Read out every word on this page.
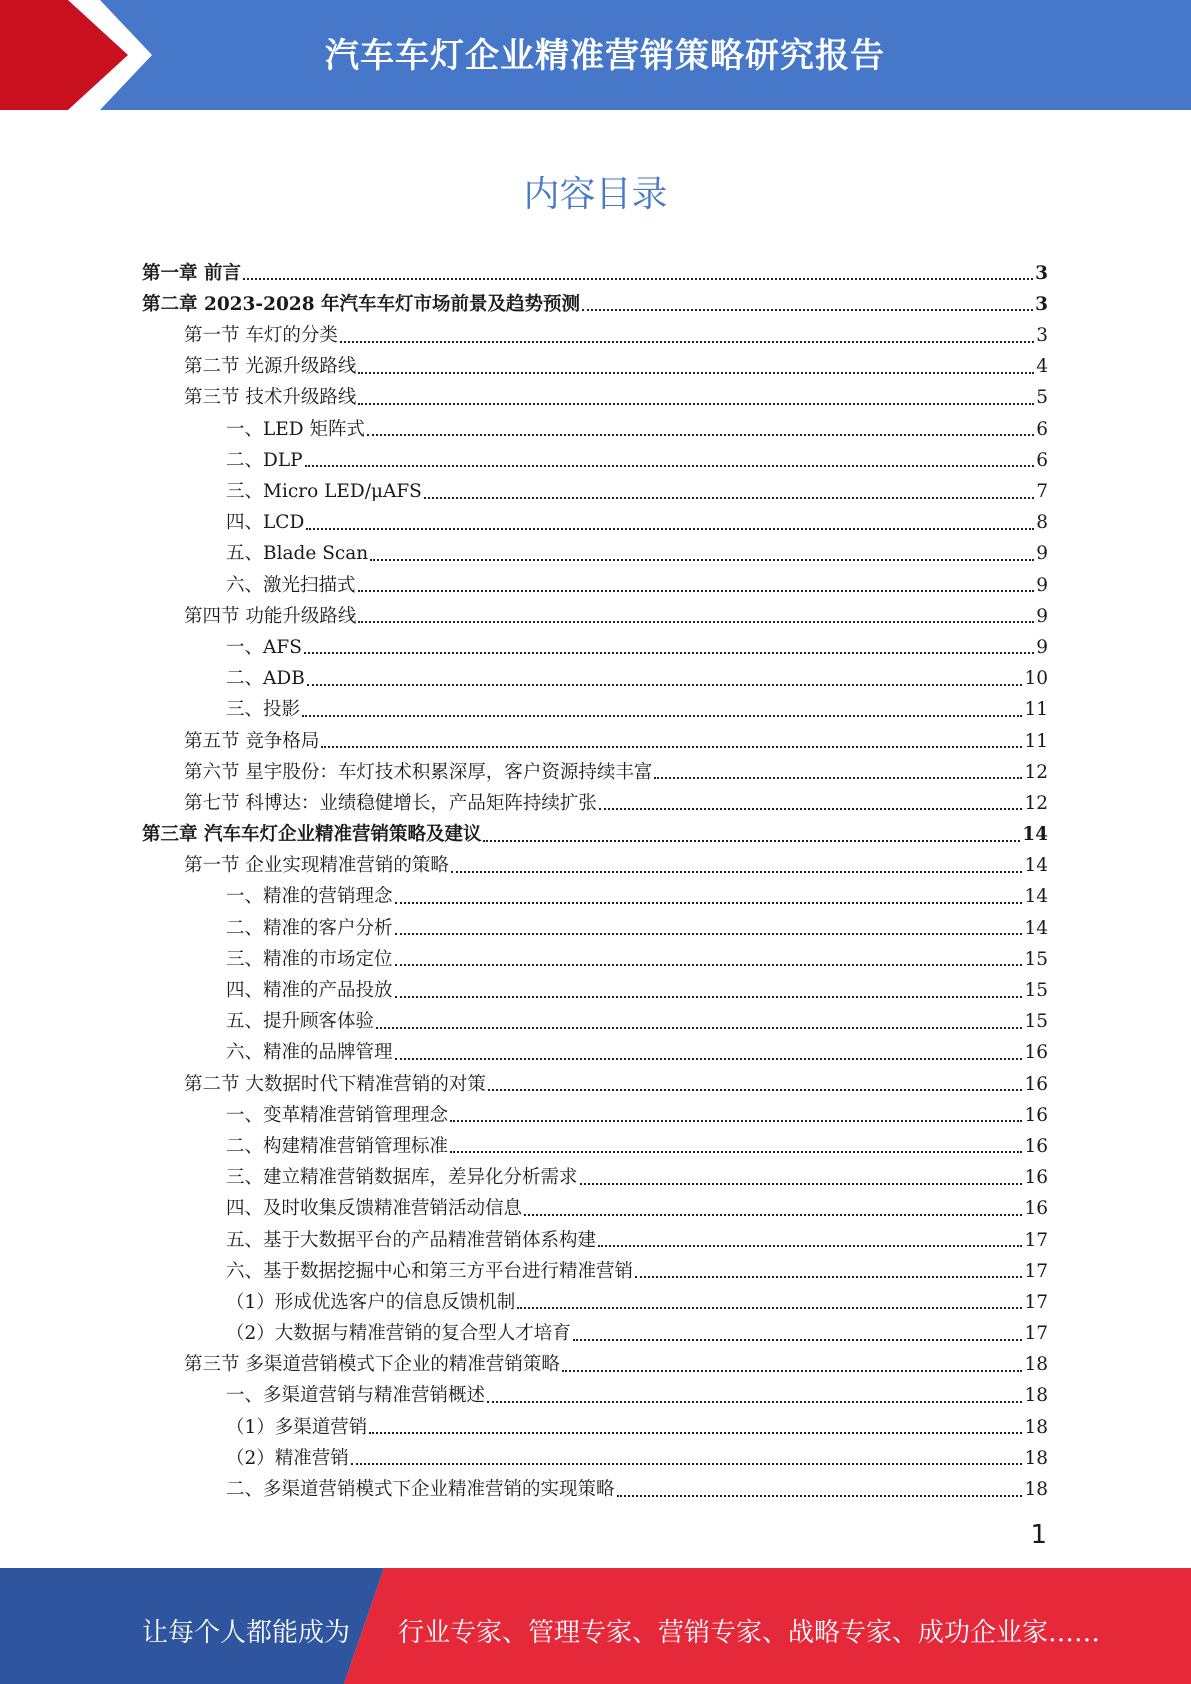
汽车车灯企业精准营销策略研究报告
内容目录
第一章 前言	3
第二章 2023-2028 年汽车车灯市场前景及趋势预测	3
第一节 车灯的分类	3
第二节 光源升级路线	4
第三节 技术升级路线	5
一、LED 矩阵式	6
二、DLP	6
三、Micro LED/μAFS	7
四、LCD	8
五、Blade Scan	9
六、激光扫描式	9
第四节 功能升级路线	9
一、AFS	9
二、ADB	10
三、投影	11
第五节 竞争格局	11
第六节 星宇股份：车灯技术积累深厚，客户资源持续丰富	12
第七节 科博达：业绩稳健增长，产品矩阵持续扩张	12
第三章 汽车车灯企业精准营销策略及建议	14
第一节 企业实现精准营销的策略	14
一、精准的营销理念	14
二、精准的客户分析	14
三、精准的市场定位	15
四、精准的产品投放	15
五、提升顾客体验	15
六、精准的品牌管理	16
第二节 大数据时代下精准营销的对策	16
一、变革精准营销管理理念	16
二、构建精准营销管理标准	16
三、建立精准营销数据库，差异化分析需求	16
四、及时收集反馈精准营销活动信息	16
五、基于大数据平台的产品精准营销体系构建	17
六、基于数据挖掘中心和第三方平台进行精准营销	17
（1）形成优选客户的信息反馈机制	17
（2）大数据与精准营销的复合型人才培育	17
第三节 多渠道营销模式下企业的精准营销策略	18
一、多渠道营销与精准营销概述	18
（1）多渠道营销	18
（2）精准营销	18
二、多渠道营销模式下企业精准营销的实现策略	18
1
让每个人都能成为 行业专家、管理专家、营销专家、战略专家、成功企业家……
